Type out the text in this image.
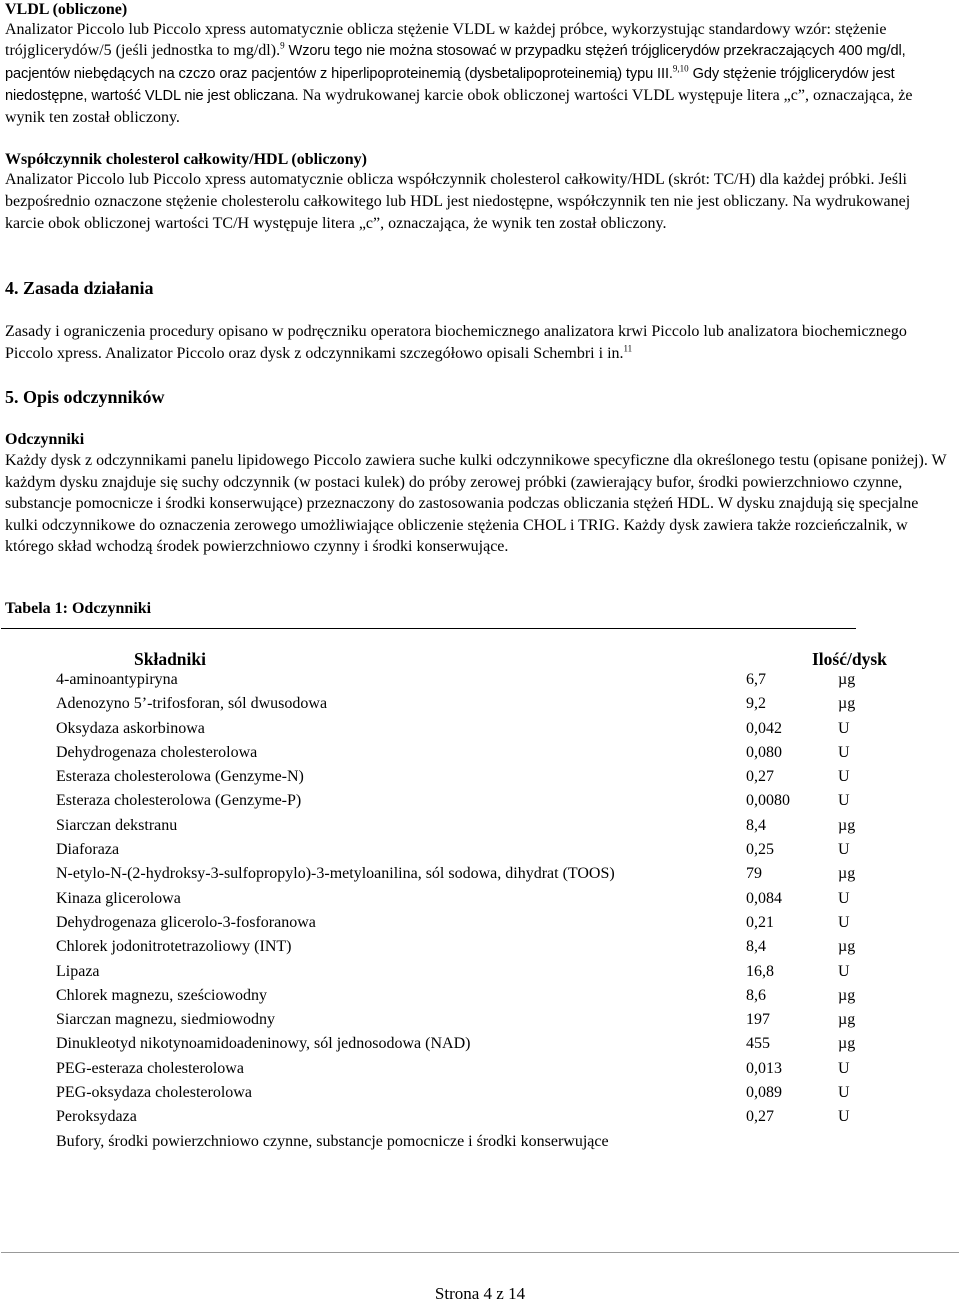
VLDL (obliczone)

Analizator Piccolo lub Piccolo xpress automatycznie oblicza stężenie VLDL w każdej próbce, wykorzystując standardowy wzór: stężenie trójglicerydów/5 (jeśli jednostka to mg/dl).$^9$ Wzoru tego nie można stosować w przypadku stężeń trójglicerydów przekraczających 400 mg/dl, pacjentów niebędących na czczo oraz pacjentów z hiperlipoproteinemią (dysbetalipoproteinemią) typu III.$^{9,10}$ Gdy stężenie trójglicerydów jest niedostępne, wartość VLDL nie jest obliczana. Na wydrukowanej karcie obok obliczonej wartości VLDL występuje litera „c”, oznaczająca, że wynik ten został obliczony.

Współczynnik cholesterol całkowity/HDL (obliczony)

Analizator Piccolo lub Piccolo xpress automatycznie oblicza współczynnik cholesterol całkowity/HDL (skrót: TC/H) dla każdej próbki. Jeśli bezpośrednio oznaczone stężenie cholesterolu całkowitego lub HDL jest niedostępne, współczynnik ten nie jest obliczany. Na wydrukowanej karcie obok obliczonej wartości TC/H występuje litera „c”, oznaczająca, że wynik ten został obliczony.

4. Zasada działania

Zasady i ograniczenia procedury opisano w podręczniku operatora biochemicznego analizatora krwi Piccolo lub analizatora biochemicznego Piccolo xpress. Analizator Piccolo oraz dysk z odczynnikami szczegółowo opisali Schembri i in.$^{11}$

5. Opis odczynników
Odczynniki

Każdy dysk z odczynnikami panelu lipidowego Piccolo zawiera suche kulki odczynnikowe specyficzne dla określonego testu (opisane poniżej). W każdym dysku znajduje się suchy odczynnik (w postaci kulek) do próby zerowej próbki (zawierający bufor, środki powierzchniowo czynne, substancje pomocnicze i środki konserwujące) przeznaczony do zastosowania podczas obliczania stężeń HDL. W dysku znajdują się specjalne kulki odczynnikowe do oznaczenia zerowego umożliwiające obliczenie stężenia CHOL i TRIG. Każdy dysk zawiera także rozcieńczalnik, w którego skład wchodzą środek powierzchniowo czynny i środki konserwujące.

Tabela 1: Odczynniki
Składniki	Ilość/dysk	
4-aminoantypiryna	6,7	µg
Adenozyno 5’-trifosforan, sól dwusodowa	9,2	µg
Oksydaza askorbinowa	0,042	U
Dehydrogenaza cholesterolowa	0,080	U
Esteraza cholesterolowa (Genzyme-N)	0,27	U
Esteraza cholesterolowa (Genzyme-P)	0,0080	U
Siarczan dekstranu	8,4	µg
Diaforaza	0,25	U
N-etylo-N-(2-hydroksy-3-sulfopropylo)-3-metyloanilina, sól sodowa, dihydrat (TOOS)	79	µg
Kinaza glicerolowa	0,084	U
Dehydrogenaza glicerolo-3-fosforanowa	0,21	U
Chlorek jodonitrotetrazoliowy (INT)	8,4	µg
Lipaza	16,8	U
Chlorek magnezu, sześciowodny	8,6	µg
Siarczan magnezu, siedmiowodny	197	µg
Dinukleotyd nikotynoamidoadeninowy, sól jednosodowa (NAD)	455	µg
PEG-esteraza cholesterolowa	0,013	U
PEG-oksydaza cholesterolowa	0,089	U
Peroksydaza	0,27	U
Bufory, środki powierzchniowo czynne, substancje pomocnicze i środki konserwujące		
Strona 4 z 14
